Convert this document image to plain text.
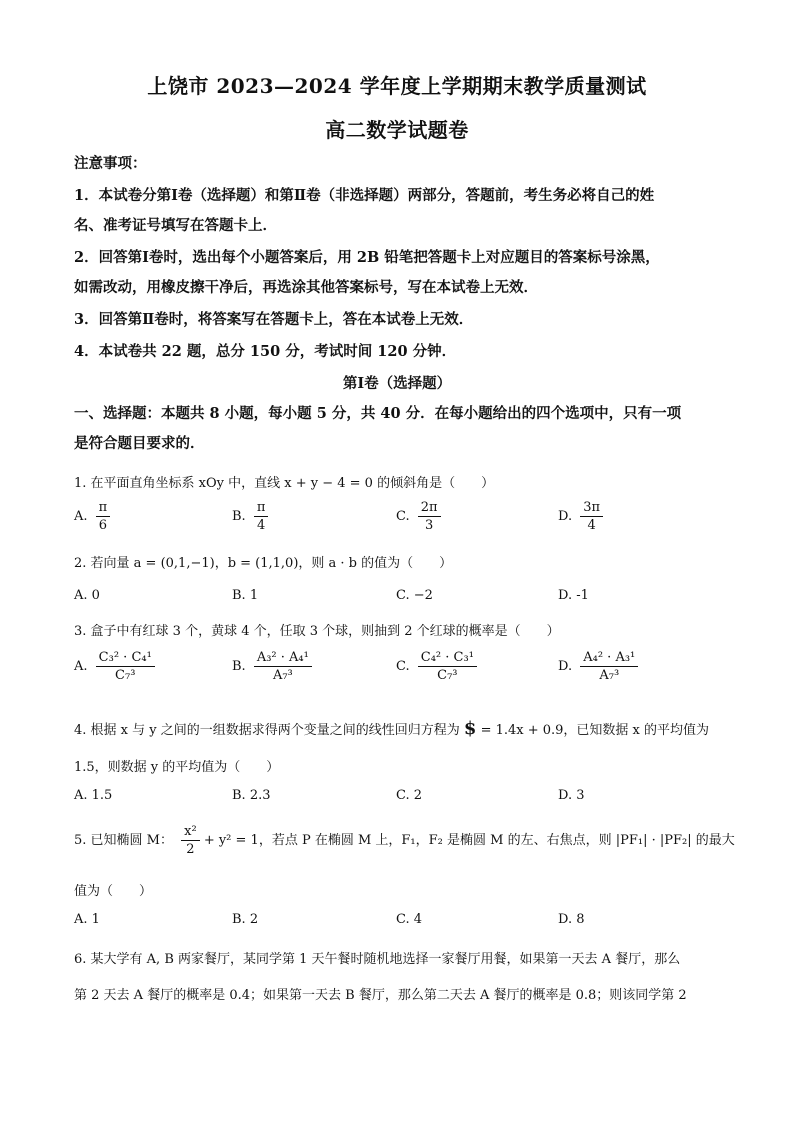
上饶市 2023—2024 学年度上学期期末教学质量测试
高二数学试题卷
注意事项：
1．本试卷分第Ⅰ卷（选择题）和第Ⅱ卷（非选择题）两部分，答题前，考生务必将自己的姓
名、准考证号填写在答题卡上．
2．回答第Ⅰ卷时，选出每个小题答案后，用 2B 铅笔把答题卡上对应题目的答案标号涂黑，
如需改动，用橡皮擦干净后，再选涂其他答案标号，写在本试卷上无效．
3．回答第Ⅱ卷时，将答案写在答题卡上，答在本试卷上无效．
4．本试卷共 22 题，总分 150 分，考试时间 120 分钟．
第Ⅰ卷（选择题）
一、选择题：本题共 8 小题，每小题 5 分，共 40 分．在每小题给出的四个选项中，只有一项
是符合题目要求的．
1. 在平面直角坐标系 xOy 中，直线 x + y − 4 = 0 的倾斜角是（　　）
A. $\frac{\pi}{6}$	B. $\frac{\pi}{4}$	C. $\frac{2\pi}{3}$	D. $\frac{3\pi}{4}$
2. 若向量 a = (0,1,−1)，b = (1,1,0)，则 a · b 的值为（　　）
A. 0	B. 1	C. −2	D. -1
3. 盒子中有红球 3 个，黄球 4 个，任取 3 个球，则抽到 2 个红球的概率是（　　）
A. $\frac{\text{C₃² · C₄¹}}{\text{C₇³}}$	B. $\frac{\text{A₃² · A₄¹}}{\text{A₇³}}$	C. $\frac{\text{C₄² · C₃¹}}{\text{C₇³}}$	D. $\frac{\text{A₄² · A₃¹}}{\text{A₇³}}$
4. 根据 x 与 y 之间的一组数据求得两个变量之间的线性回归方程为 $ = 1.4x + 0.9，已知数据 x 的平均值为
1.5，则数据 y 的平均值为（　　）
A. 1.5	B. 2.3	C. 2	D. 3
5. 已知椭圆 M： $\frac{\text{x²}}{2} + y^2 = 1$，若点 P 在椭圆 M 上，F₁，F₂ 是椭圆 M 的左、右焦点，则 |PF₁| · |PF₂| 的最大
值为（　　）
A. 1	B. 2	C. 4	D. 8
6. 某大学有 A, B 两家餐厅，某同学第 1 天午餐时随机地选择一家餐厅用餐，如果第一天去 A 餐厅，那么
第 2 天去 A 餐厅的概率是 0.4；如果第一天去 B 餐厅，那么第二天去 A 餐厅的概率是 0.8；则该同学第 2
